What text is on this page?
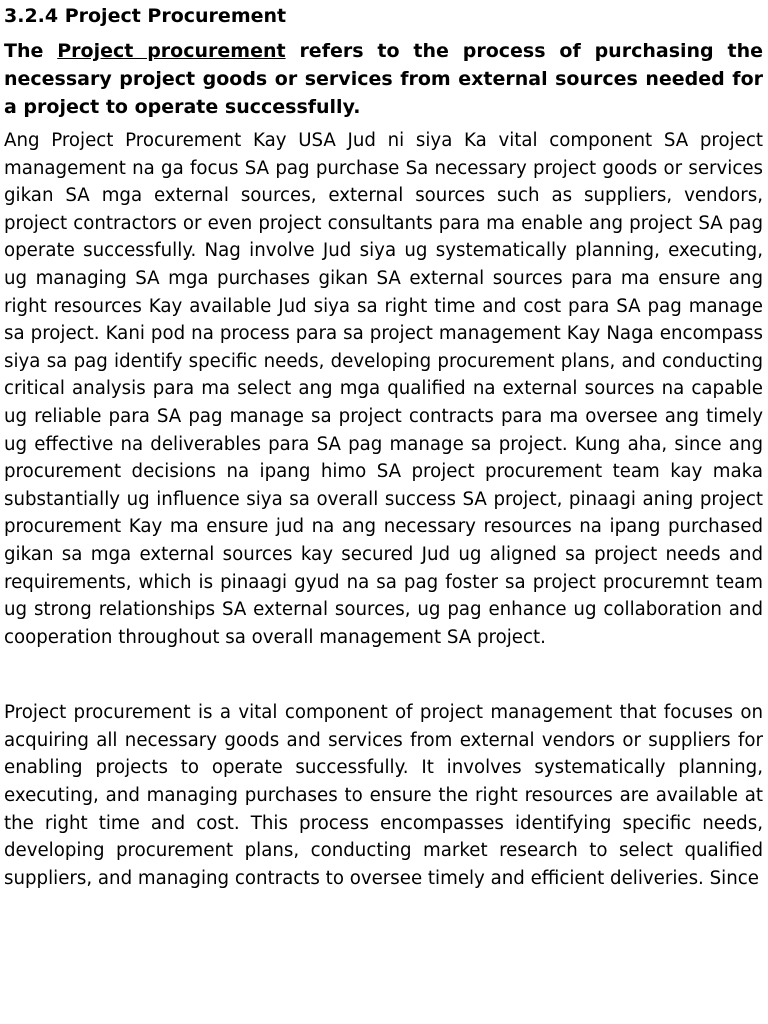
3.2.4 Project Procurement

The Project procurement refers to the process of purchasing the necessary project goods or services from external sources needed for a project to operate successfully.

Ang Project Procurement Kay USA Jud ni siya Ka vital component SA project management na ga focus SA pag purchase Sa necessary project goods or services gikan SA mga external sources, external sources such as suppliers, vendors, project contractors or even project consultants para ma enable ang project SA pag operate successfully. Nag involve Jud siya ug systematically planning, executing, ug managing SA mga purchases gikan SA external sources para ma ensure ang right resources Kay available Jud siya sa right time and cost para SA pag manage sa project. Kani pod na process para sa project management Kay Naga encompass siya sa pag identify specific needs, developing procurement plans, and conducting critical analysis para ma select ang mga qualified na external sources na capable ug reliable para SA pag manage sa project contracts para ma oversee ang timely ug effective na deliverables para SA pag manage sa project. Kung aha, since ang procurement decisions na ipang himo SA project procurement team kay maka substantially ug influence siya sa overall success SA project, pinaagi aning project procurement Kay ma ensure jud na ang necessary resources na ipang purchased gikan sa mga external sources kay secured Jud ug aligned sa project needs and requirements, which is pinaagi gyud na sa pag foster sa project procuremnt team ug strong relationships SA external sources, ug pag enhance ug collaboration and cooperation throughout sa overall management SA project.

Project procurement is a vital component of project management that focuses on acquiring all necessary goods and services from external vendors or suppliers for enabling projects to operate successfully. It involves systematically planning, executing, and managing purchases to ensure the right resources are available at the right time and cost. This process encompasses identifying specific needs, developing procurement plans, conducting market research to select qualified suppliers, and managing contracts to oversee timely and efficient deliveries. Since
